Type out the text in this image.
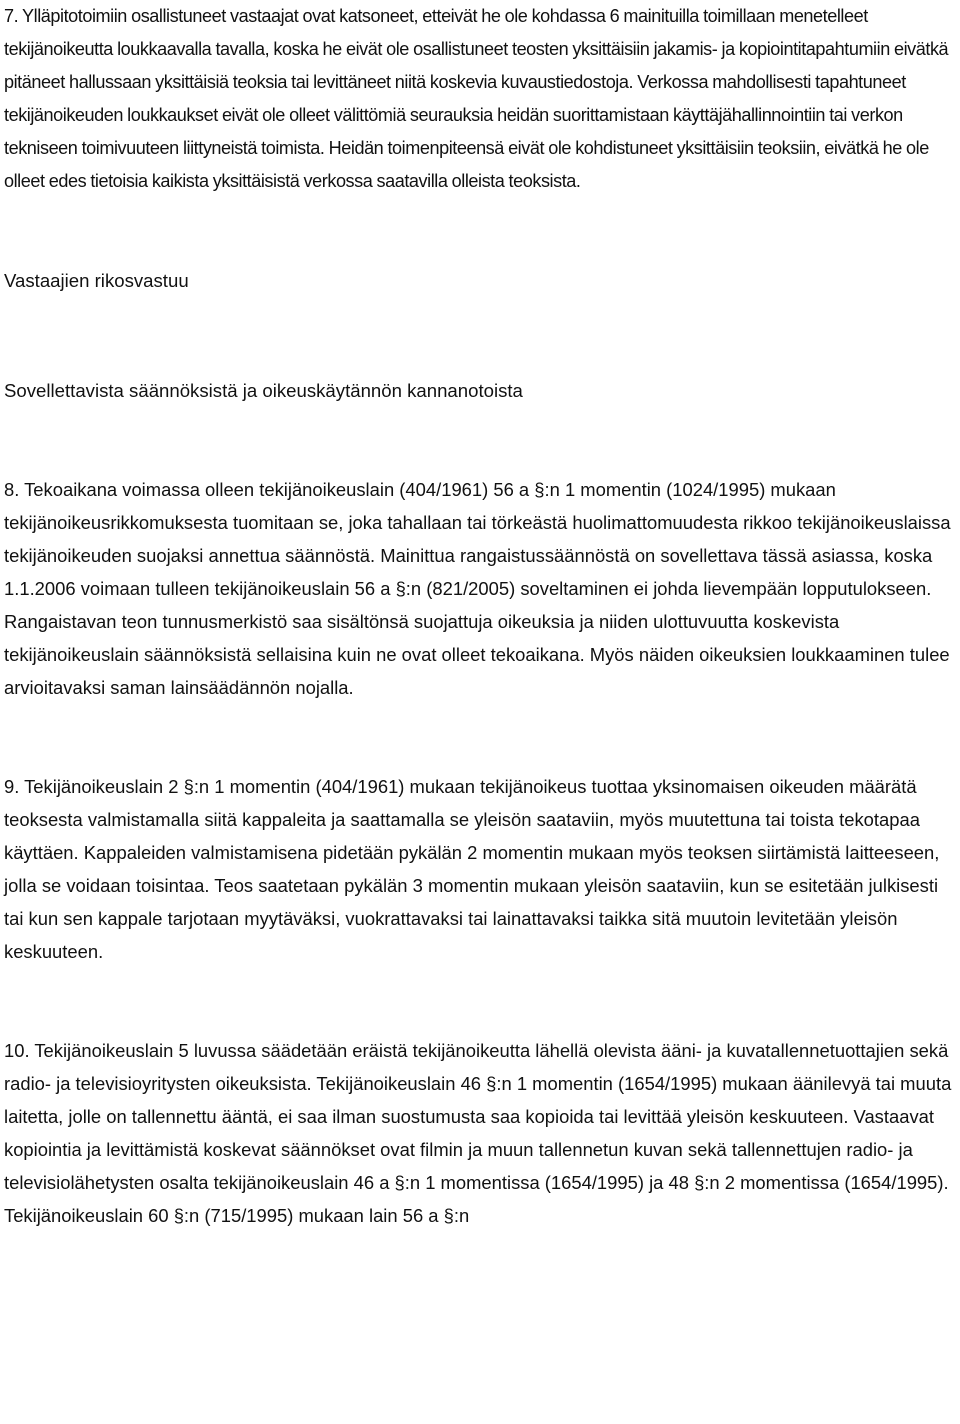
7. Ylläpitotoimiin osallistuneet vastaajat ovat katsoneet, etteivät he ole kohdassa 6 mainituilla toimillaan menetelleet tekijänoikeutta loukkaavalla tavalla, koska he eivät ole osallistuneet teosten yksittäisiin jakamis- ja kopiointitapahtumiin eivätkä pitäneet hallussaan yksittäisiä teoksia tai levittäneet niitä koskevia kuvaustiedostoja. Verkossa mahdollisesti tapahtuneet tekijänoikeuden loukkaukset eivät ole olleet välittömiä seurauksia heidän suorittamistaan käyttäjähallinnointiin tai verkon tekniseen toimivuuteen liittyneistä toimista. Heidän toimenpiteensä eivät ole kohdistuneet yksittäisiin teoksiin, eivätkä he ole olleet edes tietoisia kaikista yksittäisistä verkossa saatavilla olleista teoksista.

Vastaajien rikosvastuu

Sovellettavista säännöksistä ja oikeuskäytännön kannanotoista

8. Tekoaikana voimassa olleen tekijänoikeuslain (404/1961) 56 a §:n 1 momentin (1024/1995) mukaan tekijänoikeusrikkomuksesta tuomitaan se, joka tahallaan tai törkeästä huolimattomuudesta rikkoo tekijänoikeuslaissa tekijänoikeuden suojaksi annettua säännöstä. Mainittua rangaistussäännöstä on sovellettava tässä asiassa, koska 1.1.2006 voimaan tulleen tekijänoikeuslain 56 a §:n (821/2005) soveltaminen ei johda lievempään lopputulokseen. Rangaistavan teon tunnusmerkistö saa sisältönsä suojattuja oikeuksia ja niiden ulottuvuutta koskevista tekijänoikeuslain säännöksistä sellaisina kuin ne ovat olleet tekoaikana. Myös näiden oikeuksien loukkaaminen tulee arvioitavaksi saman lainsäädännön nojalla.

9. Tekijänoikeuslain 2 §:n 1 momentin (404/1961) mukaan tekijänoikeus tuottaa yksinomaisen oikeuden määrätä teoksesta valmistamalla siitä kappaleita ja saattamalla se yleisön saataviin, myös muutettuna tai toista tekotapaa käyttäen. Kappaleiden valmistamisena pidetään pykälän 2 momentin mukaan myös teoksen siirtämistä laitteeseen, jolla se voidaan toisintaa. Teos saatetaan pykälän 3 momentin mukaan yleisön saataviin, kun se esitetään julkisesti tai kun sen kappale tarjotaan myytäväksi, vuokrattavaksi tai lainattavaksi taikka sitä muutoin levitetään yleisön keskuuteen.

10. Tekijänoikeuslain 5 luvussa säädetään eräistä tekijänoikeutta lähellä olevista ääni- ja kuvatallennetuottajien sekä radio- ja televisioyritysten oikeuksista. Tekijänoikeuslain 46 §:n 1 momentin (1654/1995) mukaan äänilevyä tai muuta laitetta, jolle on tallennettu ääntä, ei saa ilman suostumusta saa kopioida tai levittää yleisön keskuuteen. Vastaavat kopiointia ja levittämistä koskevat säännökset ovat filmin ja muun tallennetun kuvan sekä tallennettujen radio- ja televisiolähetysten osalta tekijänoikeuslain 46 a §:n 1 momentissa (1654/1995) ja 48 §:n 2 momentissa (1654/1995). Tekijänoikeuslain 60 §:n (715/1995) mukaan lain 56 a §:n
